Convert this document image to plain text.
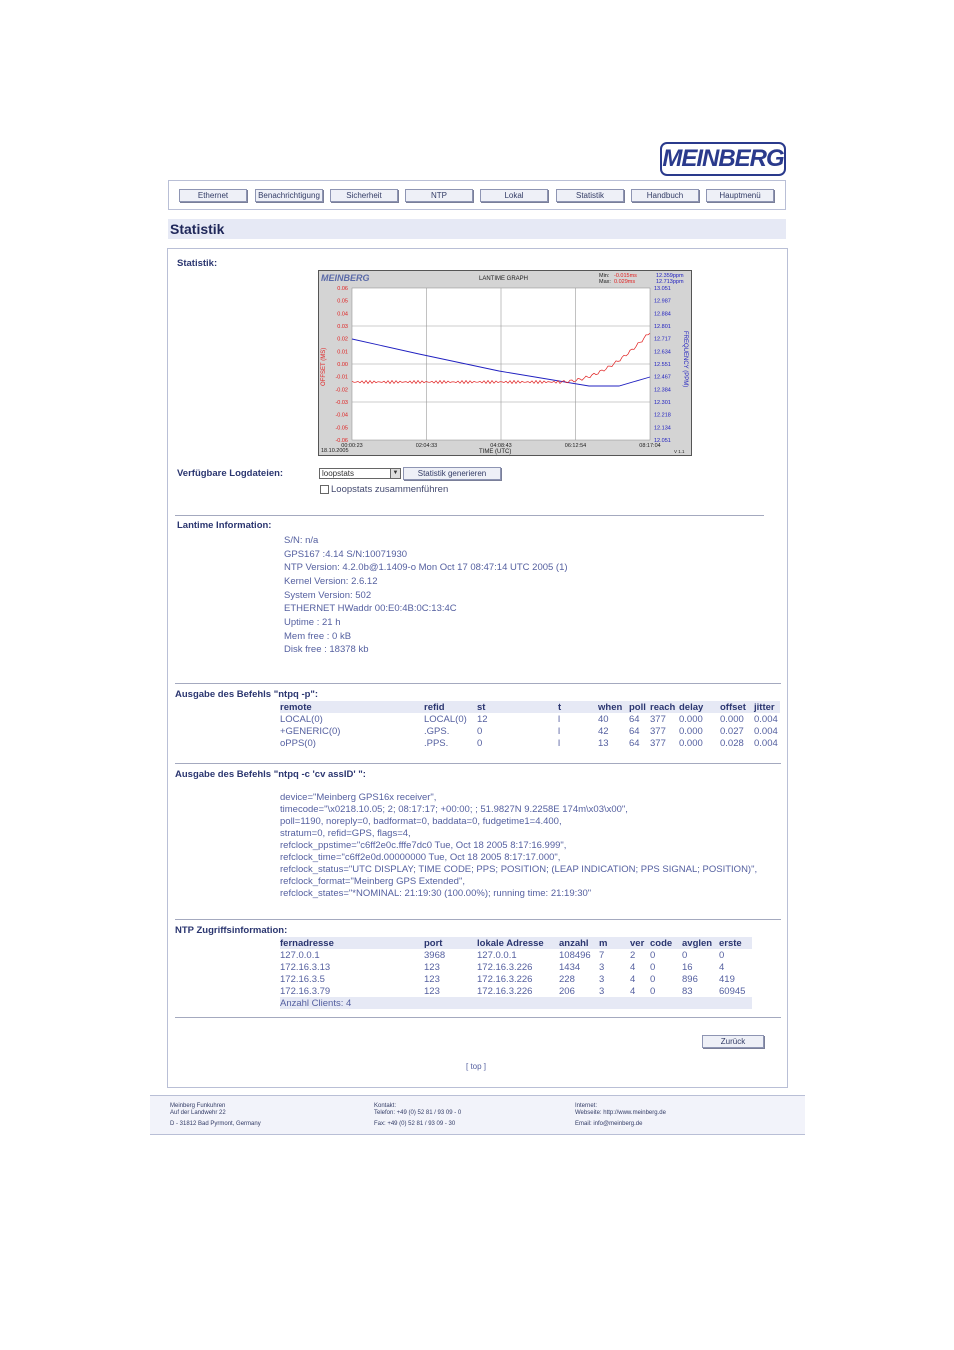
MEINBERG
Ethernet	Benachrichtigung	Sicherheit	NTP	Lokal	Statistik	Handbuch	Hauptmenü
Statistik
Statistik:
MEINBERG	LANTIME GRAPH	Min:
Max:
-0.015ms
0.029ms
12.359ppm
12.713ppm
0.06
0.05
0.04
0.03
0.02
0.01
0.00
-0.01
-0.02
-0.03
-0.04
-0.05
-0.06
13.051
12.987
12.884
12.801
12.717
12.634
12.551
12.467
12.384
12.301
12.218
12.134
12.051
00:00:23	02:04:33	04:08:43	06:12:54	08:17:04
18.10.2005	TIME (UTC)	V 1.1
OFFSET (MS)	FREQUENCY (PPM)
Verfügbare Logdateien:	loopstats	▼	Statistik generieren
Loopstats zusammenführen
Lantime Information:
S/N: n/a
GPS167 :4.14 S/N:10071930
NTP Version: 4.2.0b@1.1409-o Mon Oct 17 08:47:14 UTC 2005 (1)
Kernel Version: 2.6.12
System Version: 502
ETHERNET HWaddr 00:E0:4B:0C:13:4C
Uptime : 21 h
Mem free : 0 kB
Disk free : 18378 kb
Ausgabe des Befehls "ntpq -p":
remote	refid	st	t	when	poll	reach	delay	offset	jitter
LOCAL(0)	LOCAL(0)	12	l	40	64	377	0.000	0.000	0.004
+GENERIC(0)	.GPS.	0	l	42	64	377	0.000	0.027	0.004
oPPS(0)	.PPS.	0	l	13	64	377	0.000	0.028	0.004
Ausgabe des Befehls "ntpq -c 'cv assID' ":
device="Meinberg GPS16x receiver",
timecode="\x0218.10.05; 2; 08:17:17; +00:00; ; 51.9827N 9.2258E 174m\x03\x00",
poll=1190, noreply=0, badformat=0, baddata=0, fudgetime1=4.400,
stratum=0, refid=GPS, flags=4,
refclock_ppstime="c6ff2e0c.fffe7dc0 Tue, Oct 18 2005 8:17:16.999",
refclock_time="c6ff2e0d.00000000 Tue, Oct 18 2005 8:17:17.000",
refclock_status="UTC DISPLAY; TIME CODE; PPS; POSITION; (LEAP INDICATION; PPS SIGNAL; POSITION)",
refclock_format="Meinberg GPS Extended",
refclock_states="*NOMINAL: 21:19:30 (100.00%); running time: 21:19:30"
NTP Zugriffsinformation:
fernadresse	port	lokale Adresse	anzahl	m	ver	code	avglen	erste
127.0.0.1	3968	127.0.0.1	108496	7	2	0	0	0
172.16.3.13	123	172.16.3.226	1434	3	4	0	16	4
172.16.3.5	123	172.16.3.226	228	3	4	0	896	419
172.16.3.79	123	172.16.3.226	206	3	4	0	83	60945
Anzahl Clients: 4								
Zurück
[ top ]
Meinberg Funkuhren
Auf der Landwehr 22
D - 31812 Bad Pyrmont, Germany
Kontakt:
Telefon: +49 (0) 52 81 / 93 09 - 0
Fax: +49 (0) 52 81 / 93 09 - 30
Internet:
Webseite: http://www.meinberg.de
Email: info@meinberg.de
